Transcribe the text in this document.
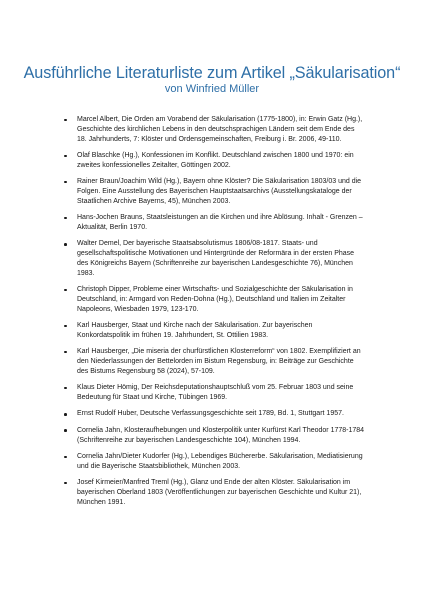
Ausführliche Literaturliste zum Artikel „Säkularisation“
von Winfried Müller
Marcel Albert, Die Orden am Vorabend der Säkularisation (1775-1800), in: Erwin Gatz (Hg.), Geschichte des kirchlichen Lebens in den deutschsprachigen Ländern seit dem Ende des 18. Jahrhunderts, 7: Klöster und Ordensgemeinschaften, Freiburg i. Br. 2006, 49-110.
Olaf Blaschke (Hg.), Konfessionen im Konflikt. Deutschland zwischen 1800 und 1970: ein zweites konfessionelles Zeitalter, Göttingen 2002.
Rainer Braun/Joachim Wild (Hg.), Bayern ohne Klöster? Die Säkularisation 1803/03 und die Folgen. Eine Ausstellung des Bayerischen Hauptstaatsarchivs (Ausstellungskataloge der Staatlichen Archive Bayerns, 45), München 2003.
Hans-Jochen Brauns, Staatsleistungen an die Kirchen und ihre Ablösung. Inhalt - Grenzen – Aktualität, Berlin 1970.
Walter Demel, Der bayerische Staatsabsolutismus 1806/08-1817. Staats- und gesellschaftspolitische Motivationen und Hintergründe der Reformära in der ersten Phase des Königreichs Bayern (Schriftenreihe zur bayerischen Landesgeschichte 76), München 1983.
Christoph Dipper, Probleme einer Wirtschafts- und Sozialgeschichte der Säkularisation in Deutschland, in: Armgard von Reden-Dohna (Hg.), Deutschland und Italien im Zeitalter Napoleons, Wiesbaden 1979, 123-170.
Karl Hausberger, Staat und Kirche nach der Säkularisation. Zur bayerischen Konkordatspolitik im frühen 19. Jahrhundert, St. Ottilien 1983.
Karl Hausberger, „Die miseria der churfürstlichen Klosterreform“ von 1802. Exemplifiziert an den Niederlassungen der Bettelorden im Bistum Regensburg, in: Beiträge zur Geschichte des Bistums Regensburg 58 (2024), 57-109.
Klaus Dieter Hömig, Der Reichsdeputationshauptschluß vom 25. Februar 1803 und seine Bedeutung für Staat und Kirche, Tübingen 1969.
Ernst Rudolf Huber, Deutsche Verfassungsgeschichte seit 1789, Bd. 1, Stuttgart 1957.
Cornelia Jahn, Klosteraufhebungen und Klosterpolitik unter Kurfürst Karl Theodor 1778-1784 (Schriftenreihe zur bayerischen Landesgeschichte 104), München 1994.
Cornelia Jahn/Dieter Kudorfer (Hg.), Lebendiges Büchererbe. Säkularisation, Mediatisierung und die Bayerische Staatsbibliothek, München 2003.
Josef Kirmeier/Manfred Treml (Hg.), Glanz und Ende der alten Klöster. Säkularisation im bayerischen Oberland 1803 (Veröffentlichungen zur bayerischen Geschichte und Kultur 21), München 1991.
